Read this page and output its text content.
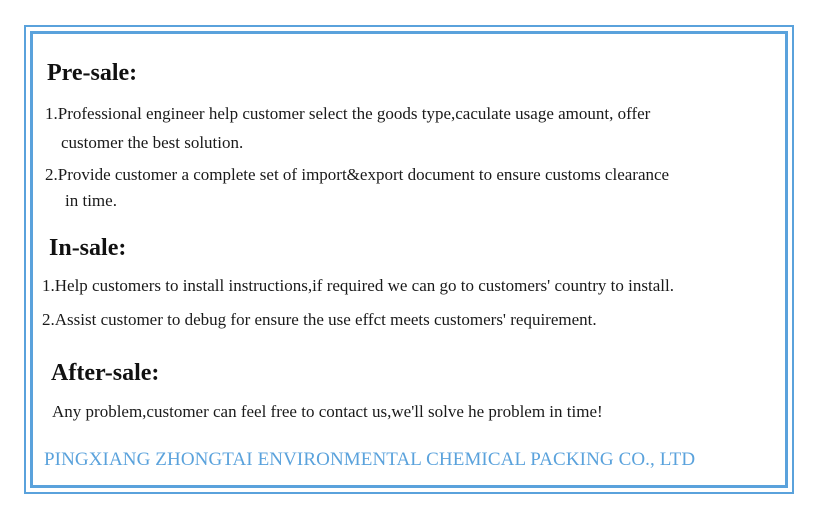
Pre-sale:

1.Professional engineer help customer select the goods type,caculate usage amount, offer

customer the best solution.

2.Provide customer a complete set of import&export document to ensure customs clearance

in time.

In-sale:

1.Help customers to install instructions,if required we can go to customers' country to install.

2.Assist customer to debug for ensure the use effct meets customers' requirement.

After-sale:

Any problem,customer can feel free to contact us,we'll solve he problem in time!

PINGXIANG ZHONGTAI ENVIRONMENTAL CHEMICAL PACKING CO., LTD
